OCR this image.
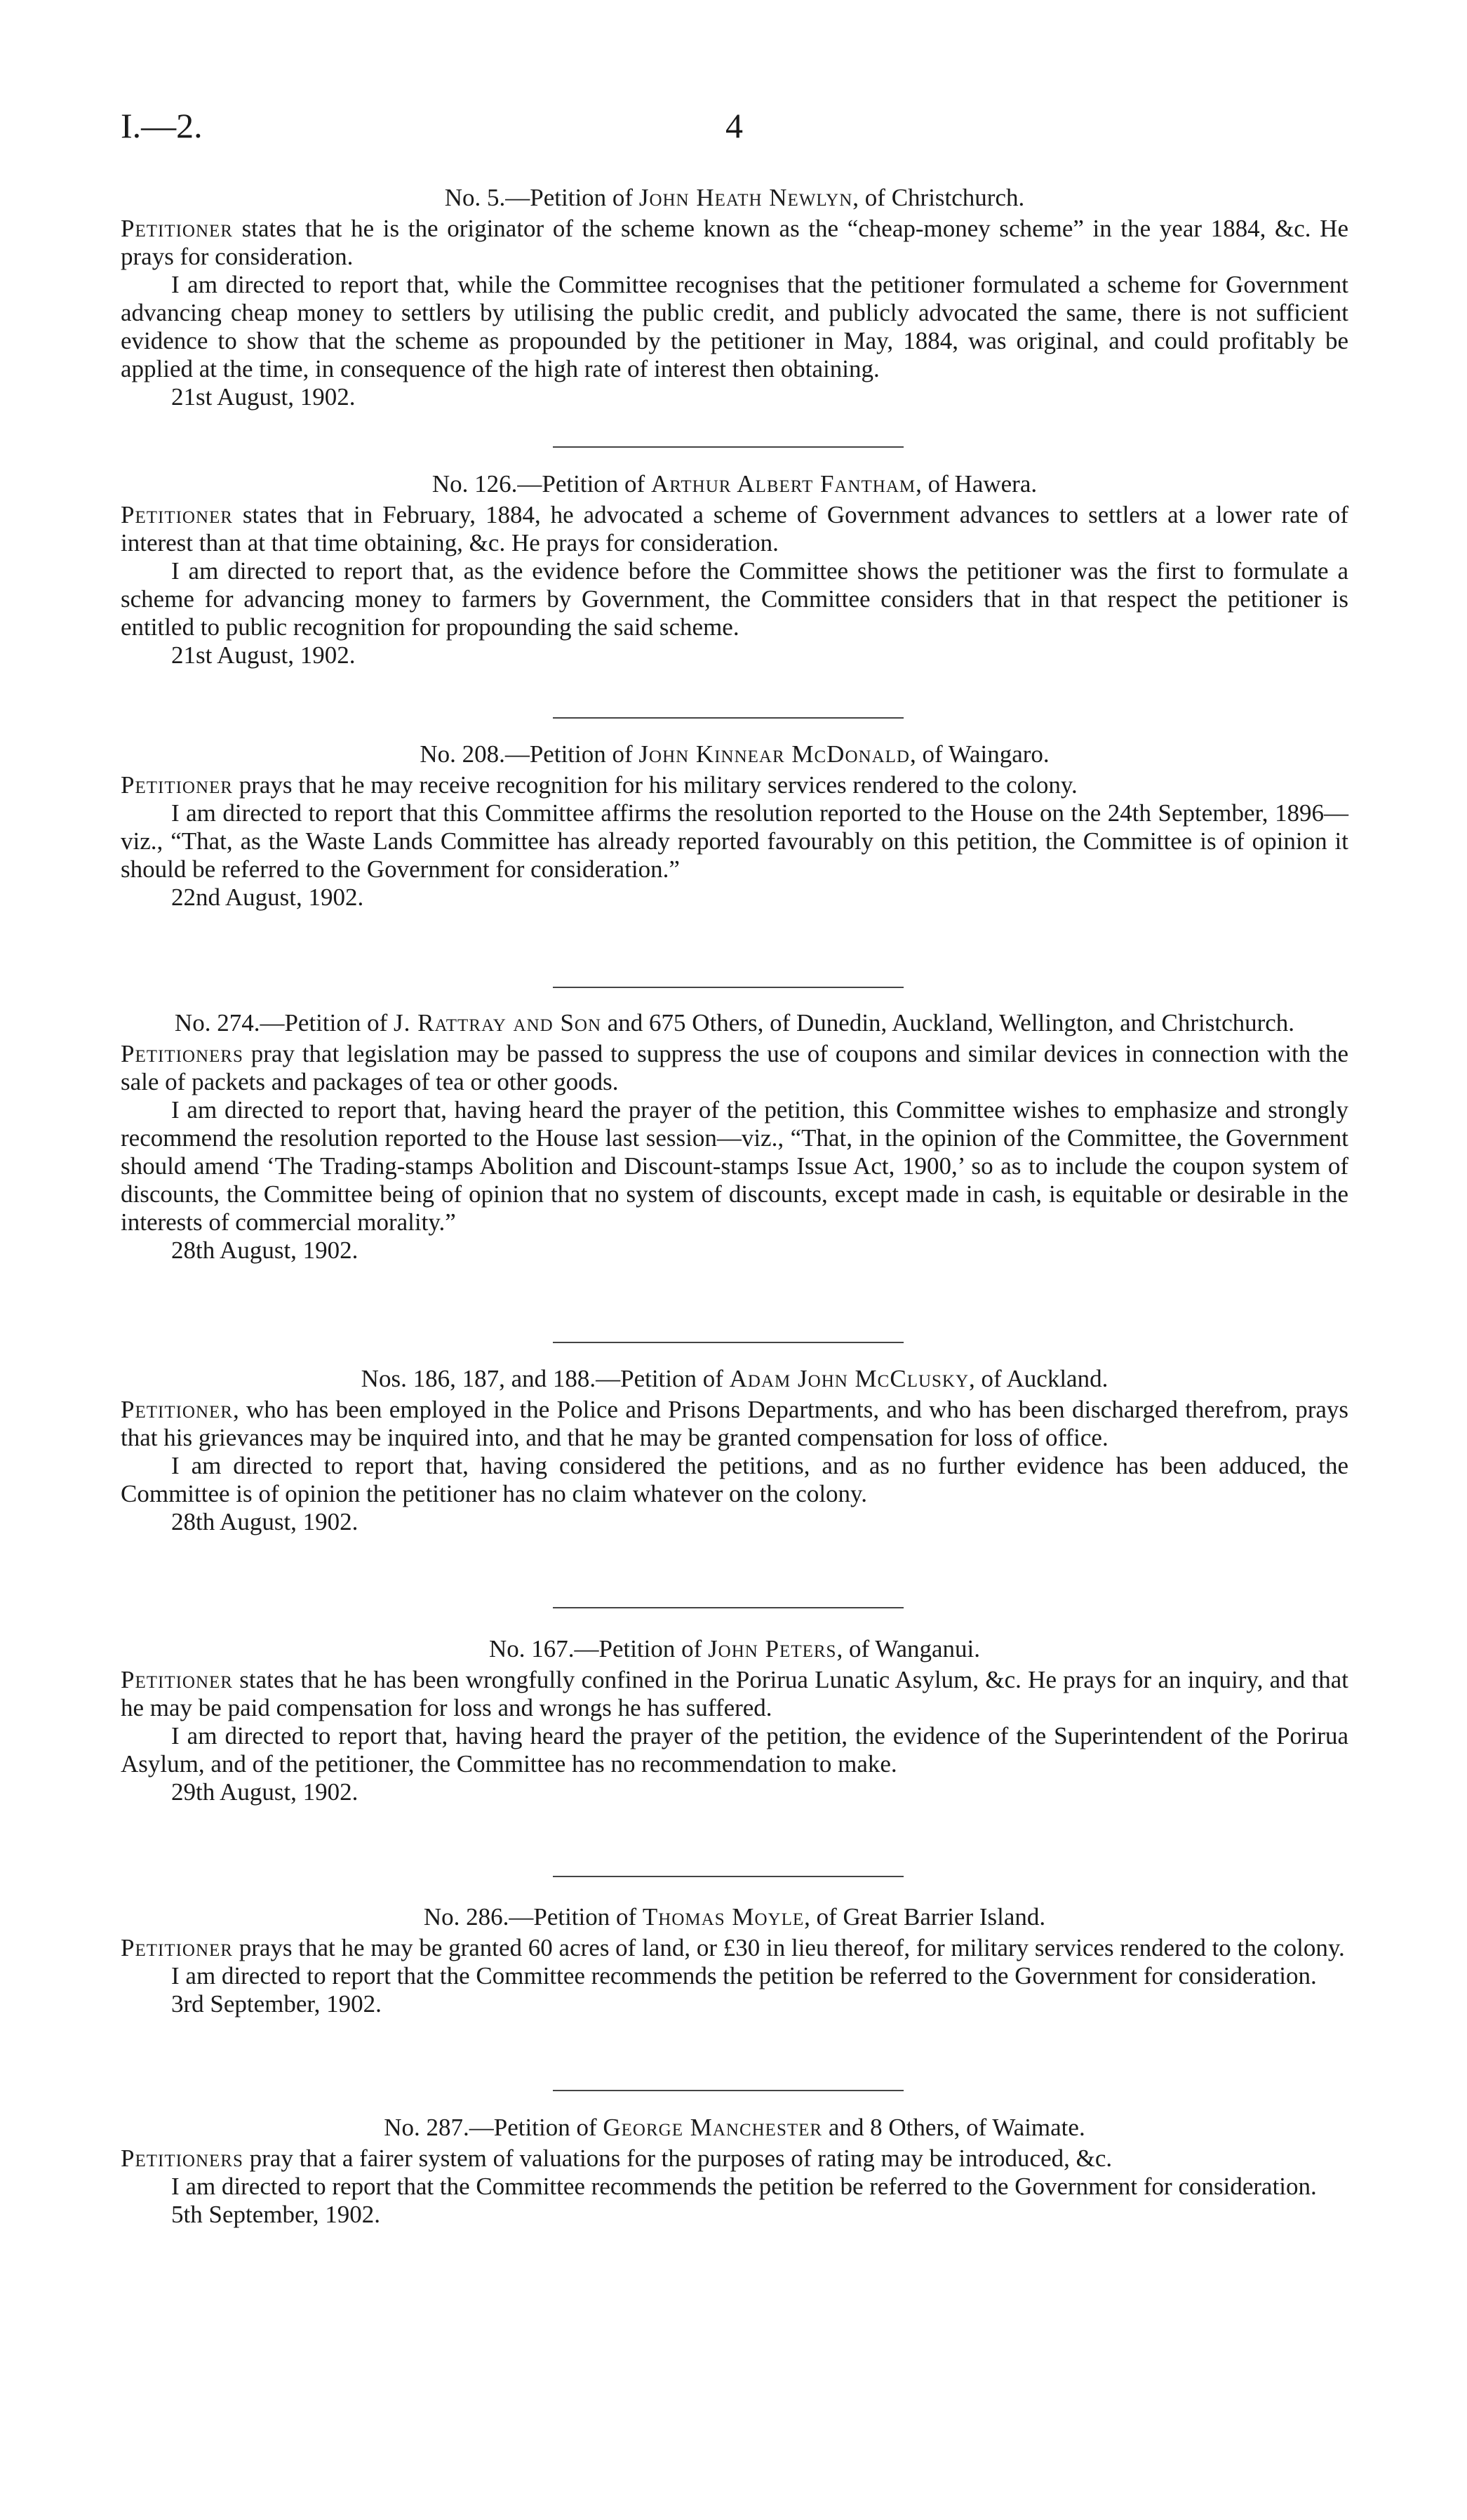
I.—2.	4

No. 5.—Petition of John Heath Newlyn, of Christchurch.

Petitioner states that he is the originator of the scheme known as the “cheap-money scheme” in the year 1884, &c. He prays for consideration.

I am directed to report that, while the Committee recognises that the petitioner formulated a scheme for Government advancing cheap money to settlers by utilising the public credit, and publicly advocated the same, there is not sufficient evidence to show that the scheme as propounded by the petitioner in May, 1884, was original, and could profitably be applied at the time, in consequence of the high rate of interest then obtaining.

21st August, 1902.

No. 126.—Petition of Arthur Albert Fantham, of Hawera.

Petitioner states that in February, 1884, he advocated a scheme of Government advances to settlers at a lower rate of interest than at that time obtaining, &c. He prays for consideration.

I am directed to report that, as the evidence before the Committee shows the petitioner was the first to formulate a scheme for advancing money to farmers by Government, the Committee considers that in that respect the petitioner is entitled to public recognition for propounding the said scheme.

21st August, 1902.

No. 208.—Petition of John Kinnear McDonald, of Waingaro.

Petitioner prays that he may receive recognition for his military services rendered to the colony.

I am directed to report that this Committee affirms the resolution reported to the House on the 24th September, 1896—viz., “That, as the Waste Lands Committee has already reported favourably on this petition, the Committee is of opinion it should be referred to the Government for consideration.”

22nd August, 1902.

No. 274.—Petition of J. Rattray and Son and 675 Others, of Dunedin, Auckland, Wellington, and Christchurch.

Petitioners pray that legislation may be passed to suppress the use of coupons and similar devices in connection with the sale of packets and packages of tea or other goods.

I am directed to report that, having heard the prayer of the petition, this Committee wishes to emphasize and strongly recommend the resolution reported to the House last session—viz., “That, in the opinion of the Committee, the Government should amend ‘The Trading-stamps Abolition and Discount-stamps Issue Act, 1900,’ so as to include the coupon system of discounts, the Committee being of opinion that no system of discounts, except made in cash, is equitable or desirable in the interests of commercial morality.”

28th August, 1902.

Nos. 186, 187, and 188.—Petition of Adam John McClusky, of Auckland.

Petitioner, who has been employed in the Police and Prisons Departments, and who has been discharged therefrom, prays that his grievances may be inquired into, and that he may be granted compensation for loss of office.

I am directed to report that, having considered the petitions, and as no further evidence has been adduced, the Committee is of opinion the petitioner has no claim whatever on the colony.

28th August, 1902.

No. 167.—Petition of John Peters, of Wanganui.

Petitioner states that he has been wrongfully confined in the Porirua Lunatic Asylum, &c. He prays for an inquiry, and that he may be paid compensation for loss and wrongs he has suffered.

I am directed to report that, having heard the prayer of the petition, the evidence of the Superintendent of the Porirua Asylum, and of the petitioner, the Committee has no recommendation to make.

29th August, 1902.

No. 286.—Petition of Thomas Moyle, of Great Barrier Island.

Petitioner prays that he may be granted 60 acres of land, or £30 in lieu thereof, for military services rendered to the colony.

I am directed to report that the Committee recommends the petition be referred to the Government for consideration.

3rd September, 1902.

No. 287.—Petition of George Manchester and 8 Others, of Waimate.

Petitioners pray that a fairer system of valuations for the purposes of rating may be introduced, &c.

I am directed to report that the Committee recommends the petition be referred to the Government for consideration.

5th September, 1902.
